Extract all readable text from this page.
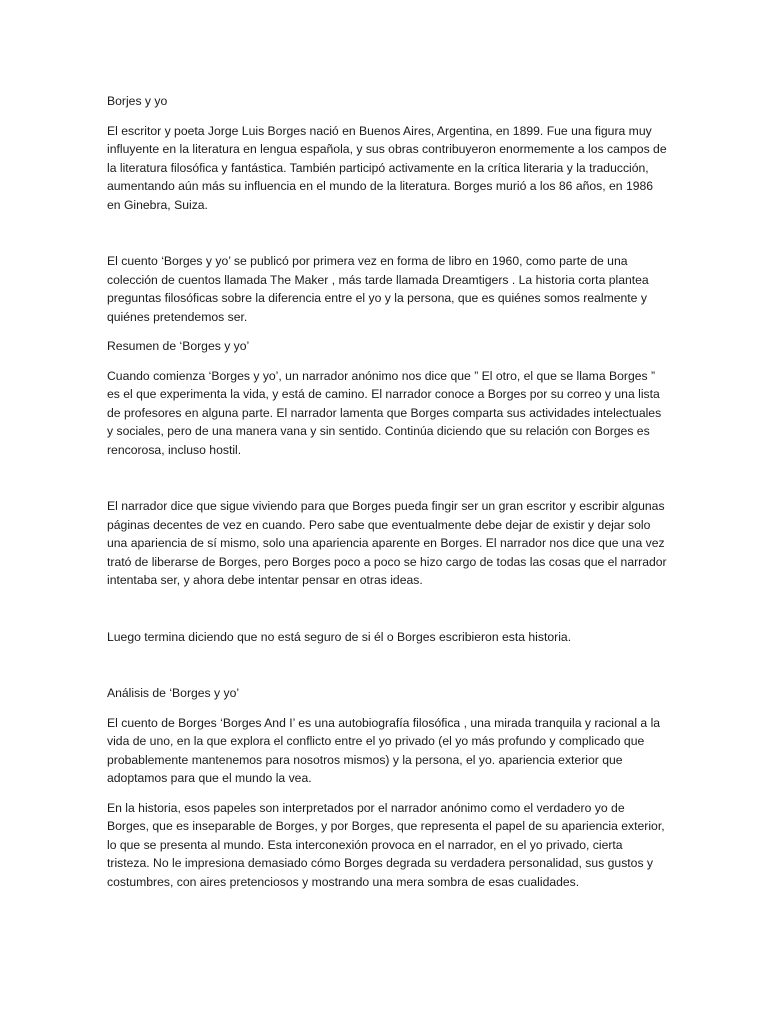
Borjes y yo

El escritor y poeta Jorge Luis Borges nació en Buenos Aires, Argentina, en 1899. Fue una figura muy influyente en la literatura en lengua española, y sus obras contribuyeron enormemente a los campos de la literatura filosófica y fantástica. También participó activamente en la crítica literaria y la traducción, aumentando aún más su influencia en el mundo de la literatura. Borges murió a los 86 años, en 1986 en Ginebra, Suiza.

El cuento ‘Borges y yo’ se publicó por primera vez en forma de libro en 1960, como parte de una colección de cuentos llamada The Maker , más tarde llamada Dreamtigers . La historia corta plantea preguntas filosóficas sobre la diferencia entre el yo y la persona, que es quiénes somos realmente y quiénes pretendemos ser.

Resumen de ‘Borges y yo’

Cuando comienza ‘Borges y yo’, un narrador anónimo nos dice que ” El otro, el que se llama Borges ” es el que experimenta la vida, y está de camino. El narrador conoce a Borges por su correo y una lista de profesores en alguna parte. El narrador lamenta que Borges comparta sus actividades intelectuales y sociales, pero de una manera vana y sin sentido. Continúa diciendo que su relación con Borges es rencorosa, incluso hostil.

El narrador dice que sigue viviendo para que Borges pueda fingir ser un gran escritor y escribir algunas páginas decentes de vez en cuando. Pero sabe que eventualmente debe dejar de existir y dejar solo una apariencia de sí mismo, solo una apariencia aparente en Borges. El narrador nos dice que una vez trató de liberarse de Borges, pero Borges poco a poco se hizo cargo de todas las cosas que el narrador intentaba ser, y ahora debe intentar pensar en otras ideas.

Luego termina diciendo que no está seguro de si él o Borges escribieron esta historia.

Análisis de ‘Borges y yo’

El cuento de Borges ‘Borges And I’ es una autobiografía filosófica , una mirada tranquila y racional a la vida de uno, en la que explora el conflicto entre el yo privado (el yo más profundo y complicado que probablemente mantenemos para nosotros mismos) y la persona, el yo. apariencia exterior que adoptamos para que el mundo la vea.

En la historia, esos papeles son interpretados por el narrador anónimo como el verdadero yo de Borges, que es inseparable de Borges, y por Borges, que representa el papel de su apariencia exterior, lo que se presenta al mundo. Esta interconexión provoca en el narrador, en el yo privado, cierta tristeza. No le impresiona demasiado cómo Borges degrada su verdadera personalidad, sus gustos y costumbres, con aires pretenciosos y mostrando una mera sombra de esas cualidades.
